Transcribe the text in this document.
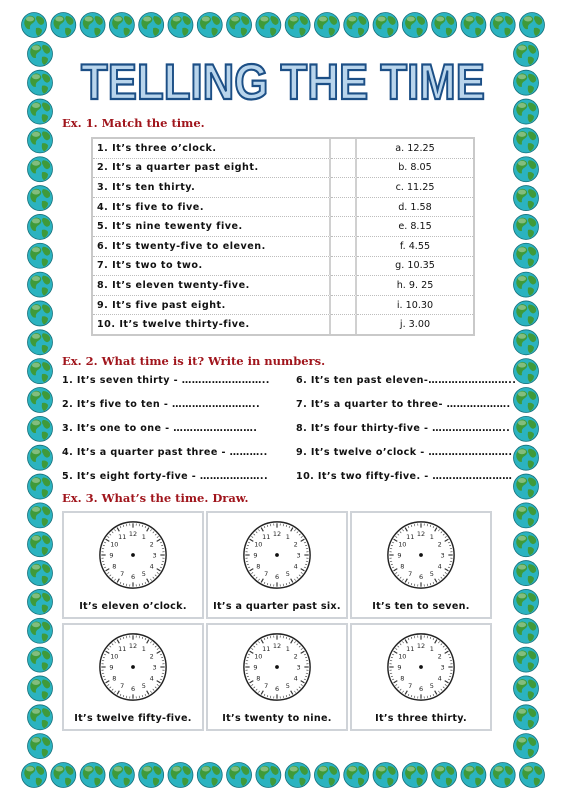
TELLING THE TIME
Ex. 1. Match the time.
1. It’s three o’clock.		a. 12.25
2. It’s a quarter past eight.		b. 8.05
3. It’s ten thirty.		c. 11.25
4. It’s five to five.		d. 1.58
5. It’s nine tewenty five.		e. 8.15
6. It’s twenty-five to eleven.		f. 4.55
7. It’s two to two.		g. 10.35
8. It’s eleven twenty-five.		h. 9. 25
9. It’s five past eight.		i. 10.30
10. It’s twelve thirty-five.		j. 3.00
Ex. 2. What time is it? Write in numbers.
1. It’s seven thirty - ……………………..
2. It’s five to ten - ……………………..
3. It’s one to one - …………………….
4. It’s a quarter past three - ………..
5. It’s eight forty-five - ………………..
6. It’s ten past eleven-……………………..
7. It’s a quarter to three- ……………….
8. It’s four thirty-five - …………………..
9. It’s twelve o’clock - …………………….
10. It’s two fifty-five. - ……………………
Ex. 3. What’s the time. Draw.
12 1
2
3
4
5
6
7
8
9
10
11
It’s eleven o’clock.
12 1
2
3
4
5
6
7
8
9
10
11
It’s a quarter past six.
12 1
2
3
4
5
6
7
8
9
10
11
It’s ten to seven.
12 1
2
3
4
5
6
7
8
9
10
11
It’s twelve fifty-five.
12 1
2
3
4
5
6
7
8
9
10
11
It’s twenty to nine.
12 1
2
3
4
5
6
7
8
9
10
11
It’s three thirty.
